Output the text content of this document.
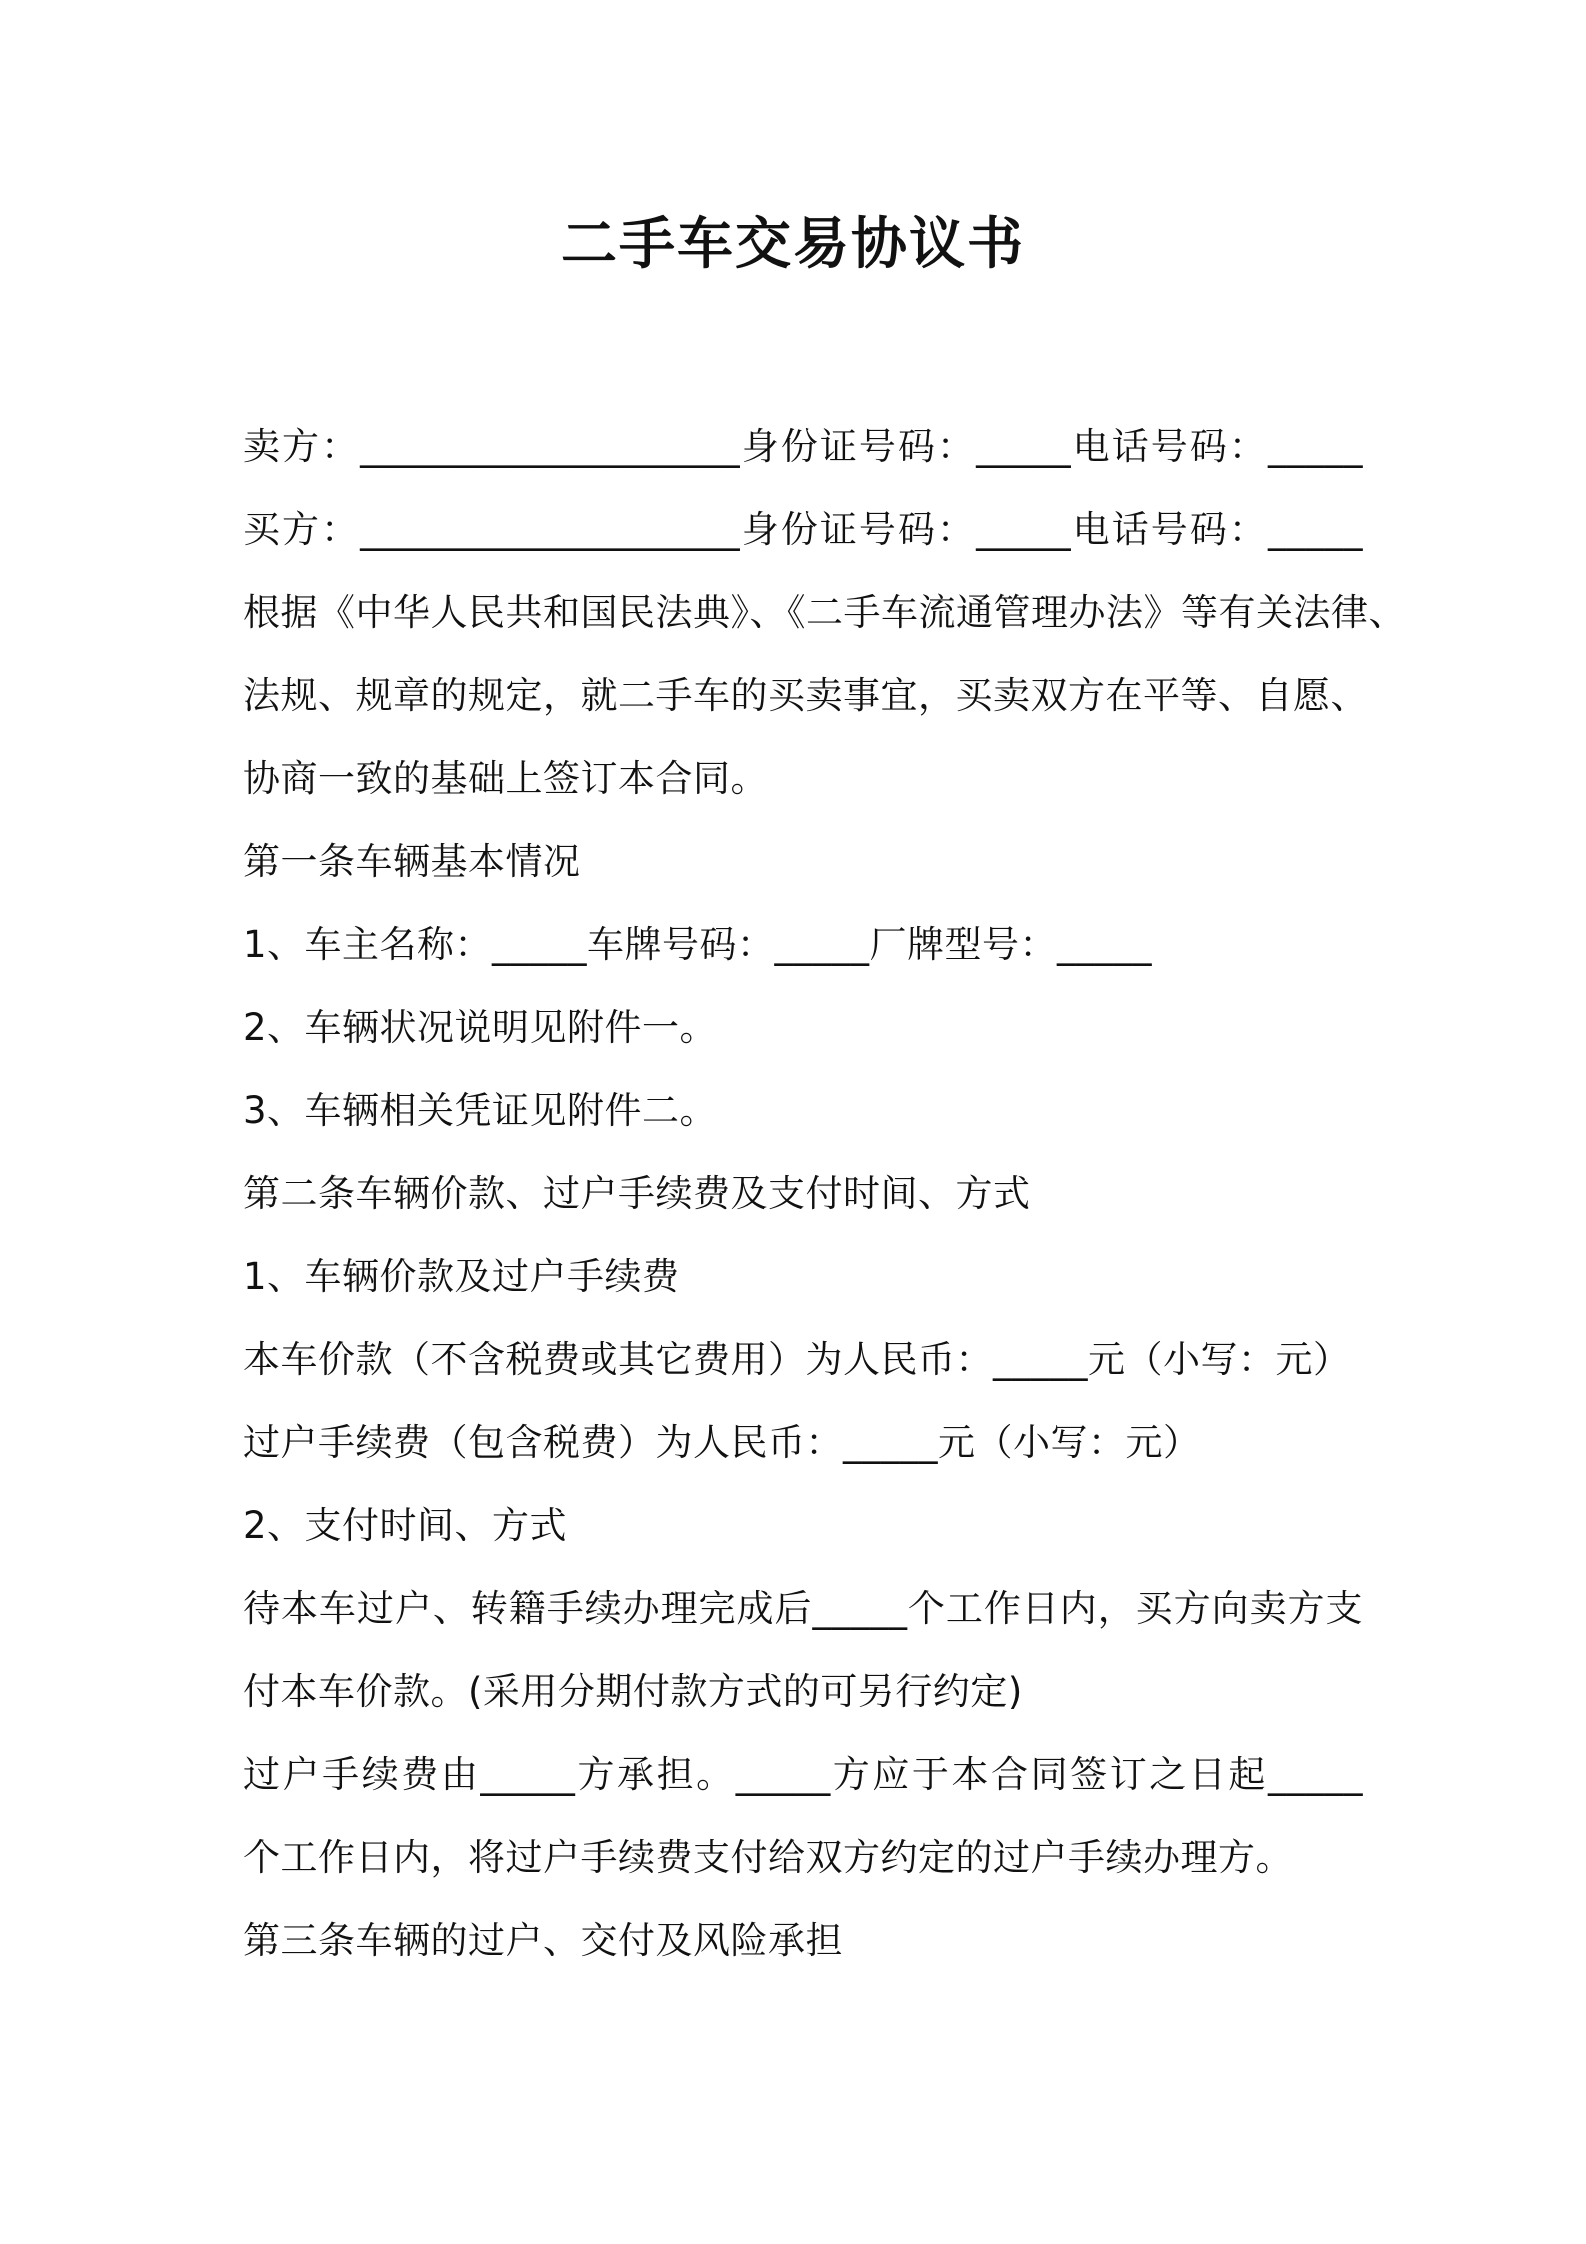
二手车交易协议书
卖方：____________________身份证号码：_____电话号码：_____
买方：____________________身份证号码：_____电话号码：_____
根据《中华人民共和国民法典》、《二手车流通管理办法》等有关法律、
法规、规章的规定，就二手车的买卖事宜，买卖双方在平等、自愿、
协商一致的基础上签订本合同。
第一条车辆基本情况
1、车主名称：_____车牌号码：_____厂牌型号：_____
2、车辆状况说明见附件一。
3、车辆相关凭证见附件二。
第二条车辆价款、过户手续费及支付时间、方式
1、车辆价款及过户手续费
本车价款（不含税费或其它费用）为人民币：_____元（小写：元）
过户手续费（包含税费）为人民币：_____元（小写：元）
2、支付时间、方式
待本车过户、转籍手续办理完成后_____个工作日内，买方向卖方支
付本车价款。(采用分期付款方式的可另行约定)
过户手续费由_____方承担。_____方应于本合同签订之日起_____
个工作日内，将过户手续费支付给双方约定的过户手续办理方。
第三条车辆的过户、交付及风险承担
